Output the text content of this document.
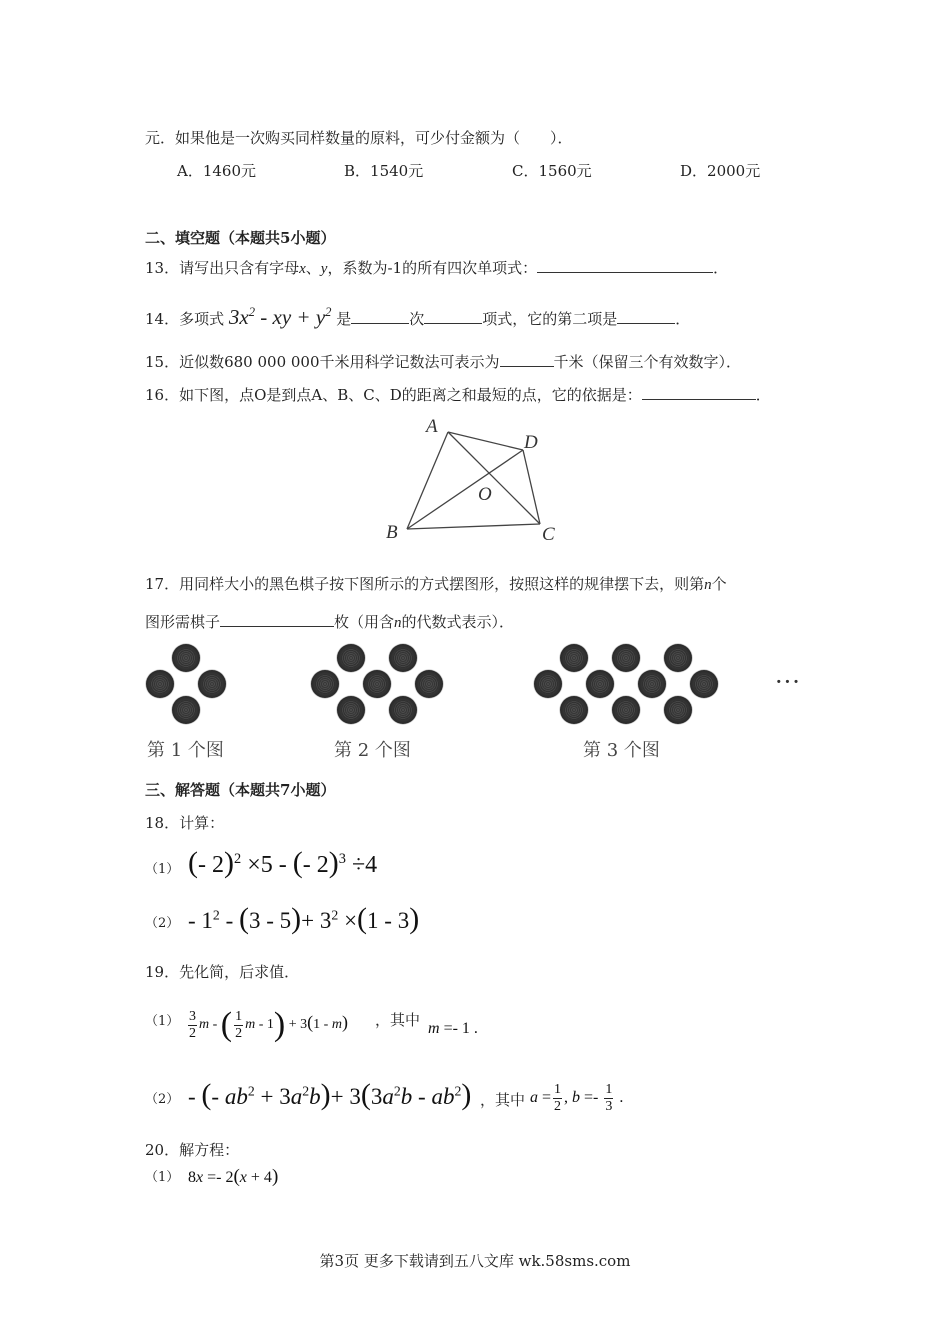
元．如果他是一次购买同样数量的原料，可少付金额为（　　）．
A．1460元	B．1540元	C．1560元	D．2000元
二、填空题（本题共5小题）
13．请写出只含有字母x、y，系数为-1的所有四次单项式：	．
14．多项式 $3x^2$ - xy + $y^2$ 是	次	项式，它的第二项是	．
15．近似数680 000 000千米用科学记数法可表示为	千米（保留三个有效数字）．
16．如下图，点O是到点A、B、C、D的距离之和最短的点，它的依据是：	．
A
D
O
B	C
17．用同样大小的黑色棋子按下图所示的方式摆图形，按照这样的规律摆下去，则第n个
图形需棋子	枚（用含n的代数式表示）．
···
第 1 个图	第 2 个图	第 3 个图
三、解答题（本题共7小题）
18．计算：
（1） (- 2)$^2$ ×5 - (- 2)$^3$ ÷4
$(2) - 1^2 - (3 - 5)+ 3^2 \times(1 - 3)$
19．先化简，后求值．
$(1) \frac{3}{2}$ m - ( $\frac{1}{2}$ m - 1) + 3(1 - m) ，其中 m =- 1 .
（2） - (- $ab^2 + 3a^2b)+ 3(3a^2b - ab^2)$ ，其中 $a = \frac{1}{2}$ , $b =- \frac{1}{3}$ .
20．解方程：
（1） 8x =- 2(x + 4)
第3页 更多下载请到五八文库 wk.58sms.com
